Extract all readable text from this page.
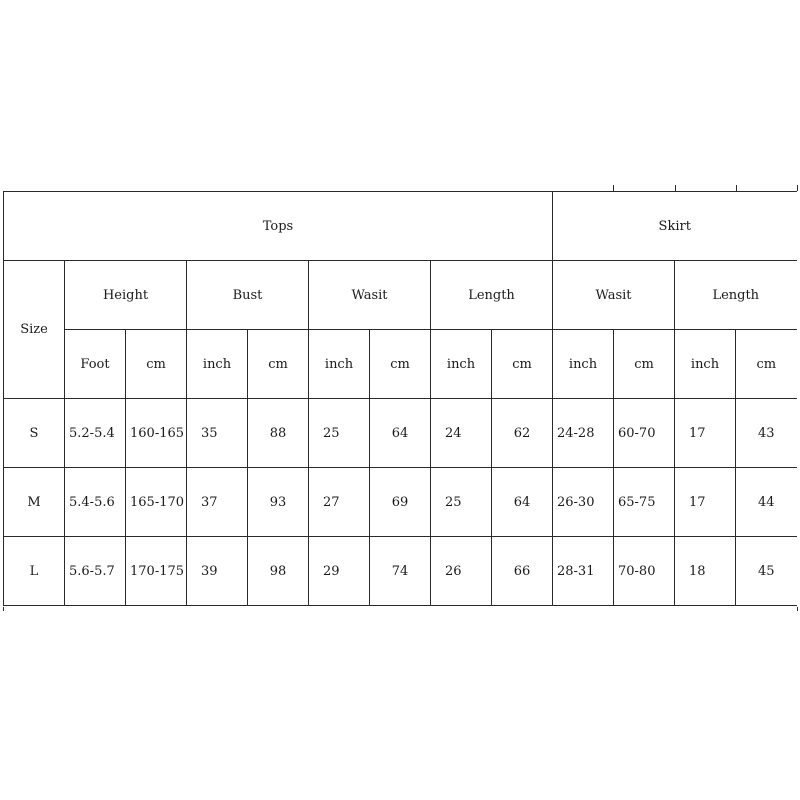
Tops									Skirt			
Size	Height		Bust		Wasit		Length		Wasit		Length	
	Foot	cm	inch	cm	inch	cm	inch	cm	inch	cm	inch	cm
S	5.2-5.4	160-165	35	88	25	64	24	62	24-28	60-70	17	43
M	5.4-5.6	165-170	37	93	27	69	25	64	26-30	65-75	17	44
L	5.6-5.7	170-175	39	98	29	74	26	66	28-31	70-80	18	45
